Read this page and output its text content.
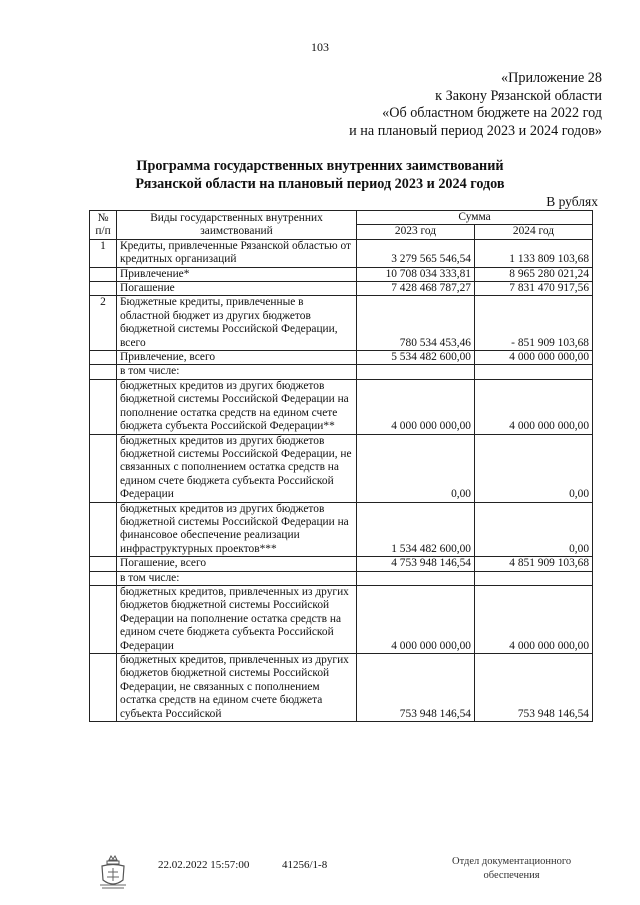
103
«Приложение 28
к Закону Рязанской области
«Об областном бюджете на 2022 год
и на плановый период 2023 и 2024 годов»
Программа государственных внутренних заимствований
Рязанской области на плановый период 2023 и 2024 годов
В рублях
№ п/п	Виды государственных внутренних заимствований	Сумма	
		2023 год	2024 год
1	Кредиты, привлеченные Рязанской областью от кредитных организаций	3 279 565 546,54	1 133 809 103,68
	Привлечение*	10 708 034 333,81	8 965 280 021,24
	Погашение	7 428 468 787,27	7 831 470 917,56
2	Бюджетные кредиты, привлеченные в областной бюджет из других бюджетов бюджетной системы Российской Федерации, всего	780 534 453,46	- 851 909 103,68
	Привлечение, всего	5 534 482 600,00	4 000 000 000,00
	в том числе:		
	бюджетных кредитов из других бюджетов бюджетной системы Российской Федерации на пополнение остатка средств на едином счете бюджета субъекта Российской Федерации**	4 000 000 000,00	4 000 000 000,00
	бюджетных кредитов из других бюджетов бюджетной системы Российской Федерации, не связанных с пополнением остатка средств на едином счете бюджета субъекта Российской Федерации	0,00	0,00
	бюджетных кредитов из других бюджетов бюджетной системы Российской Федерации на финансовое обеспечение реализации инфраструктурных проектов***	1 534 482 600,00	0,00
	Погашение, всего	4 753 948 146,54	4 851 909 103,68
	в том числе:		
	бюджетных кредитов, привлеченных из других бюджетов бюджетной системы Российской Федерации на пополнение остатка средств на едином счете бюджета субъекта Российской Федерации	4 000 000 000,00	4 000 000 000,00
	бюджетных кредитов, привлеченных из других бюджетов бюджетной системы Российской Федерации, не связанных с пополнением остатка средств на едином счете бюджета субъекта Российской	753 948 146,54	753 948 146,54
22.02.2022 15:57:00	41256/1-8	Отдел документационного
обеспечения
